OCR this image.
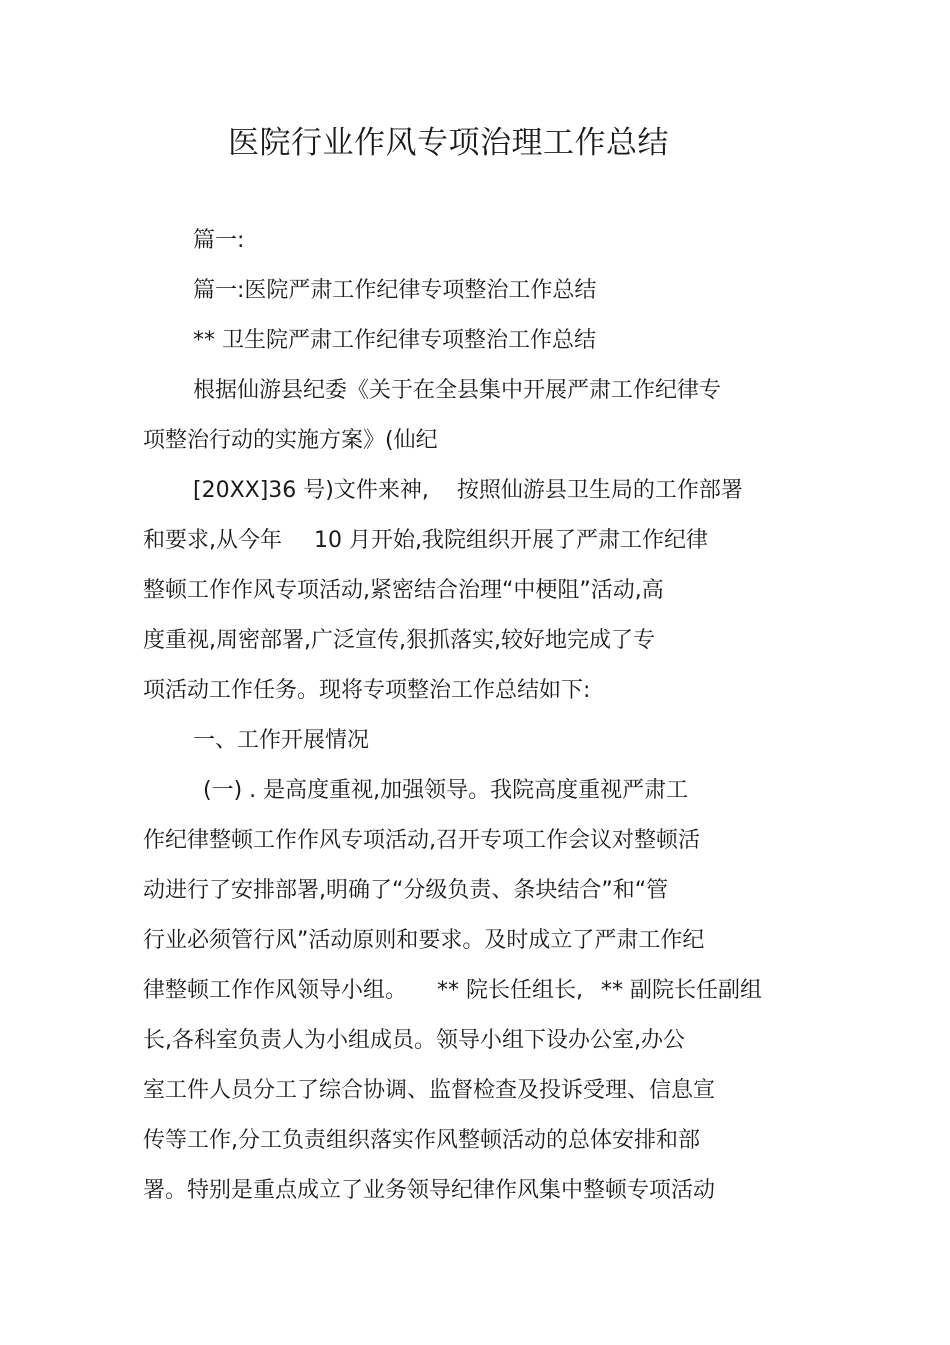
医院行业作风专项治理工作总结

篇一:

篇一:医院严肃工作纪律专项整治工作总结

** 卫生院严肃工作纪律专项整治工作总结

根据仙游县纪委《关于在全县集中开展严肃工作纪律专

项整治行动的实施方案》(仙纪

[20XX]36 号)文件来神, 按照仙游县卫生局的工作部署

和要求,从今年 10 月开始,我院组织开展了严肃工作纪律

整顿工作作风专项活动,紧密结合治理“中梗阻”活动,高

度重视,周密部署,广泛宣传,狠抓落实,较好地完成了专

项活动工作任务。现将专项整治工作总结如下:

一、工作开展情况

(一) . 是高度重视,加强领导。我院高度重视严肃工

作纪律整顿工作作风专项活动,召开专项工作会议对整顿活

动进行了安排部署,明确了“分级负责、条块结合”和“管

行业必须管行风”活动原则和要求。及时成立了严肃工作纪

律整顿工作作风领导小组。 ** 院长任组长, ** 副院长任副组

长,各科室负责人为小组成员。领导小组下设办公室,办公

室工件人员分工了综合协调、监督检查及投诉受理、信息宣

传等工作,分工负责组织落实作风整顿活动的总体安排和部

署。特别是重点成立了业务领导纪律作风集中整顿专项活动
